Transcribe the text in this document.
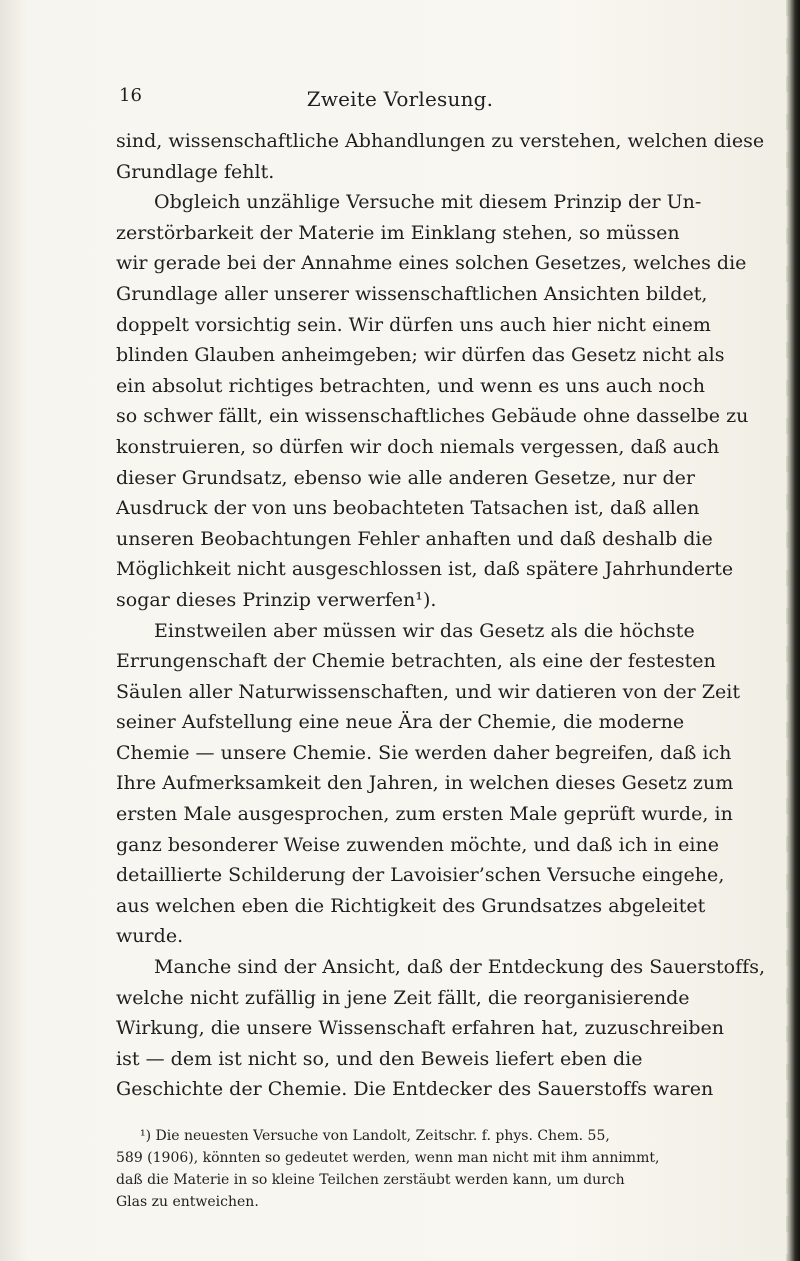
16	Zweite Vorlesung.
sind, wissenschaftliche Abhandlungen zu verstehen, welchen diese
Grundlage fehlt.
Obgleich unzählige Versuche mit diesem Prinzip der Un-
zerstörbarkeit der Materie im Einklang stehen, so müssen
wir gerade bei der Annahme eines solchen Gesetzes, welches die
Grundlage aller unserer wissenschaftlichen Ansichten bildet,
doppelt vorsichtig sein. Wir dürfen uns auch hier nicht einem
blinden Glauben anheimgeben; wir dürfen das Gesetz nicht als
ein absolut richtiges betrachten, und wenn es uns auch noch
so schwer fällt, ein wissenschaftliches Gebäude ohne dasselbe zu
konstruieren, so dürfen wir doch niemals vergessen, daß auch
dieser Grundsatz, ebenso wie alle anderen Gesetze, nur der
Ausdruck der von uns beobachteten Tatsachen ist, daß allen
unseren Beobachtungen Fehler anhaften und daß deshalb die
Möglichkeit nicht ausgeschlossen ist, daß spätere Jahrhunderte
sogar dieses Prinzip verwerfen¹).
Einstweilen aber müssen wir das Gesetz als die höchste
Errungenschaft der Chemie betrachten, als eine der festesten
Säulen aller Naturwissenschaften, und wir datieren von der Zeit
seiner Aufstellung eine neue Ära der Chemie, die moderne
Chemie — unsere Chemie. Sie werden daher begreifen, daß ich
Ihre Aufmerksamkeit den Jahren, in welchen dieses Gesetz zum
ersten Male ausgesprochen, zum ersten Male geprüft wurde, in
ganz besonderer Weise zuwenden möchte, und daß ich in eine
detaillierte Schilderung der Lavoisier’schen Versuche eingehe,
aus welchen eben die Richtigkeit des Grundsatzes abgeleitet
wurde.
Manche sind der Ansicht, daß der Entdeckung des Sauerstoffs,
welche nicht zufällig in jene Zeit fällt, die reorganisierende
Wirkung, die unsere Wissenschaft erfahren hat, zuzuschreiben
ist — dem ist nicht so, und den Beweis liefert eben die
Geschichte der Chemie. Die Entdecker des Sauerstoffs waren
¹) Die neuesten Versuche von Landolt, Zeitschr. f. phys. Chem. 55,
589 (1906), könnten so gedeutet werden, wenn man nicht mit ihm annimmt,
daß die Materie in so kleine Teilchen zerstäubt werden kann, um durch
Glas zu entweichen.
